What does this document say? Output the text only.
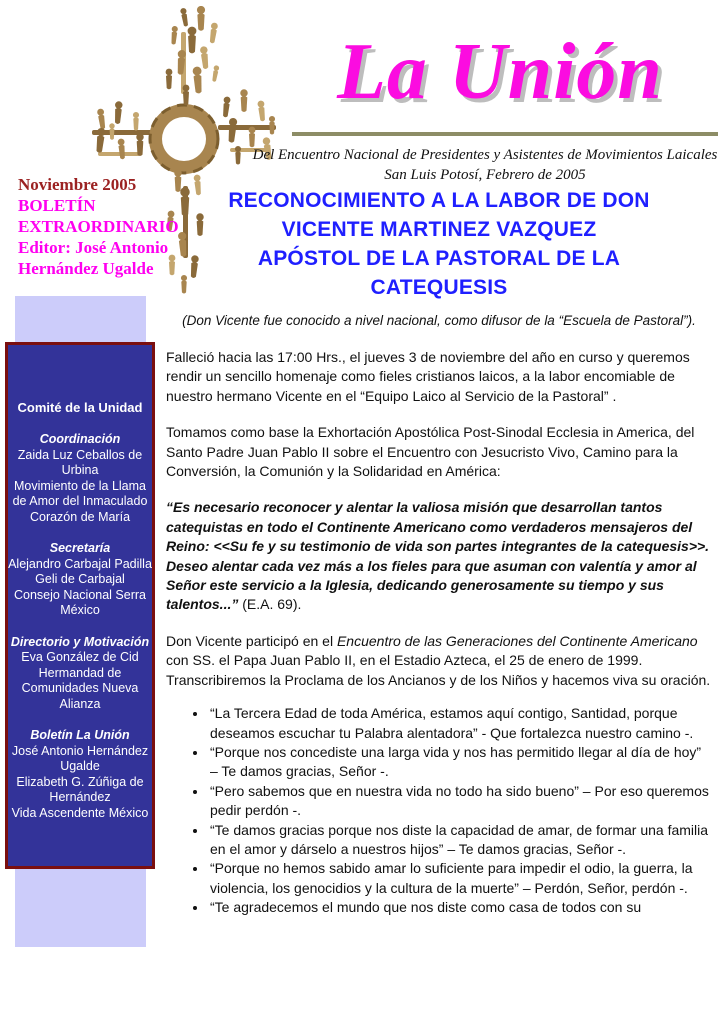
La Unión
Del Encuentro Nacional de Presidentes y Asistentes de Movimientos Laicales
San Luis Potosí, Febrero de 2005
Noviembre 2005
BOLETÍN EXTRAORDINARIO
Editor: José Antonio Hernández Ugalde
Comité de la Unidad
Coordinación
Zaida Luz Ceballos de Urbina
Movimiento de la Llama de Amor del Inmaculado Corazón de María
Secretaría
Alejandro Carbajal Padilla
Geli de Carbajal
Consejo Nacional Serra México
Directorio y Motivación
Eva González de Cid
Hermandad de Comunidades Nueva Alianza
Boletín La Unión
José Antonio Hernández Ugalde
Elizabeth G. Zúñiga de Hernández
Vida Ascendente México
RECONOCIMIENTO A LA LABOR DE DON
VICENTE MARTINEZ VAZQUEZ
APÓSTOL DE LA PASTORAL DE LA
CATEQUESIS
(Don Vicente fue conocido a nivel nacional, como difusor de la “Escuela de Pastoral”).

Falleció hacia las 17:00 Hrs., el jueves 3 de noviembre del año en curso y queremos rendir un sencillo homenaje como fieles cristianos laicos, a la labor encomiable de nuestro hermano Vicente en el “Equipo Laico al Servicio de la Pastoral” .

Tomamos como base la Exhortación Apostólica Post-Sinodal Ecclesia in America, del Santo Padre Juan Pablo II sobre el Encuentro con Jesucristo Vivo, Camino para la Conversión, la Comunión y la Solidaridad en América:

“Es necesario reconocer y alentar la valiosa misión que desarrollan tantos catequistas en todo el Continente Americano como verdaderos mensajeros del Reino: <<Su fe y su testimonio de vida son partes integrantes de la catequesis>>. Deseo alentar cada vez más a los fieles para que asuman con valentía y amor al Señor este servicio a la Iglesia, dedicando generosamente su tiempo y sus talentos...” (E.A. 69).

Don Vicente participó en el Encuentro de las Generaciones del Continente Americano con SS. el Papa Juan Pablo II, en el Estadio Azteca, el 25 de enero de 1999. Transcribiremos la Proclama de los Ancianos y de los Niños y hacemos viva su oración.

• “La Tercera Edad de toda América, estamos aquí contigo, Santidad, porque deseamos escuchar tu Palabra alentadora” - Que fortalezca nuestro camino -.
• “Porque nos concediste una larga vida y nos has permitido llegar al día de hoy” – Te damos gracias, Señor -.
• “Pero sabemos que en nuestra vida no todo ha sido bueno” – Por eso queremos pedir perdón -.
• “Te damos gracias porque nos diste la capacidad de amar, de formar una familia en el amor y dárselo a nuestros hijos” – Te damos gracias, Señor -.
• “Porque no hemos sabido amar lo suficiente para impedir el odio, la guerra, la violencia, los genocidios y la cultura de la muerte” – Perdón, Señor, perdón -.
• “Te agradecemos el mundo que nos diste como casa de todos con su
